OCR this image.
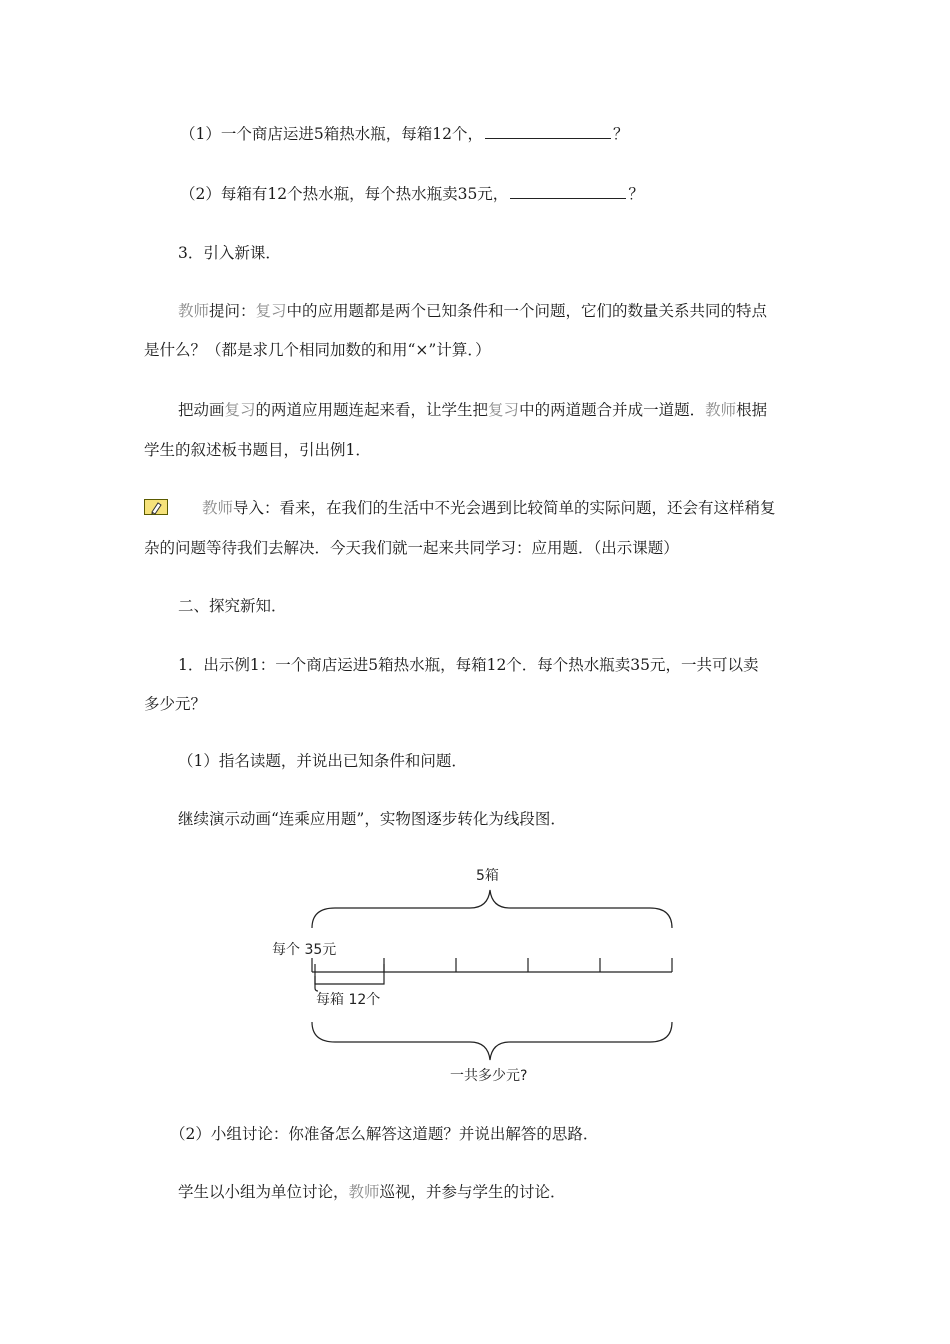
（1）一个商店运进5箱热水瓶，每箱12个，	？
（2）每箱有12个热水瓶，每个热水瓶卖35元，	？
3．引入新课．
教师提问：复习中的应用题都是两个已知条件和一个问题，它们的数量关系共同的特点
是什么？（都是求几个相同加数的和用“×”计算．）
把动画复习的两道应用题连起来看，让学生把复习中的两道题合并成一道题．教师根据
学生的叙述板书题目，引出例1．
教师导入：看来，在我们的生活中不光会遇到比较简单的实际问题，还会有这样稍复
杂的问题等待我们去解决．今天我们就一起来共同学习：应用题．（出示课题）
二、探究新知．
1．出示例1：一个商店运进5箱热水瓶，每箱12个．每个热水瓶卖35元，一共可以卖
多少元？
（1）指名读题，并说出已知条件和问题．
继续演示动画“连乘应用题”，实物图逐步转化为线段图．
5箱
每个 35元
每箱 12个
一共多少元?
（2）小组讨论：你准备怎么解答这道题？并说出解答的思路．
学生以小组为单位讨论，教师巡视，并参与学生的讨论．
